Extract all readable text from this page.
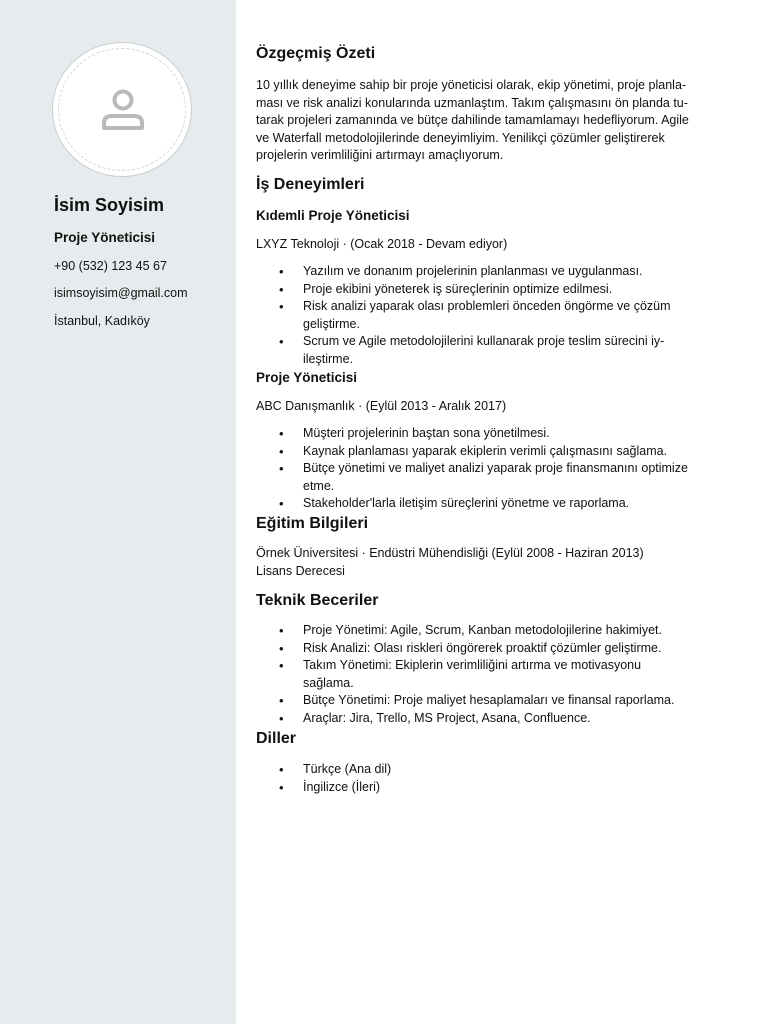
İsim Soyisim
Proje Yöneticisi
+90 (532) 123 45 67
isimsoyisim@gmail.com
İstanbul, Kadıköy
Özgeçmiş Özeti
10 yıllık deneyime sahip bir proje yöneticisi olarak, ekip yönetimi, proje planla-
ması ve risk analizi konularında uzmanlaştım. Takım çalışmasını ön planda tu-
tarak projeleri zamanında ve bütçe dahilinde tamamlamayı hedefliyorum. Agile
ve Waterfall metodolojilerinde deneyimliyim. Yenilikçi çözümler geliştirerek
projelerin verimliliğini artırmayı amaçlıyorum.
İş Deneyimleri
Kıdemli Proje Yöneticisi
LXYZ Teknoloji · (Ocak 2018 - Devam ediyor)
• Yazılım ve donanım projelerinin planlanması ve uygulanması.
• Proje ekibini yöneterek iş süreçlerinin optimize edilmesi.
• Risk analizi yaparak olası problemleri önceden öngörme ve çözüm
geliştirme.
• Scrum ve Agile metodolojilerini kullanarak proje teslim sürecini iy-
ileştirme.
Proje Yöneticisi
ABC Danışmanlık · (Eylül 2013 - Aralık 2017)
• Müşteri projelerinin baştan sona yönetilmesi.
• Kaynak planlaması yaparak ekiplerin verimli çalışmasını sağlama.
• Bütçe yönetimi ve maliyet analizi yaparak proje finansmanını optimize
etme.
• Stakeholder'larla iletişim süreçlerini yönetme ve raporlama.
Eğitim Bilgileri
Örnek Üniversitesi · Endüstri Mühendisliği (Eylül 2008 - Haziran 2013)
Lisans Derecesi
Teknik Beceriler
• Proje Yönetimi: Agile, Scrum, Kanban metodolojilerine hakimiyet.
• Risk Analizi: Olası riskleri öngörerek proaktif çözümler geliştirme.
• Takım Yönetimi: Ekiplerin verimliliğini artırma ve motivasyonu
sağlama.
• Bütçe Yönetimi: Proje maliyet hesaplamaları ve finansal raporlama.
• Araçlar: Jira, Trello, MS Project, Asana, Confluence.
Diller
• Türkçe (Ana dil)
• İngilizce (İleri)
